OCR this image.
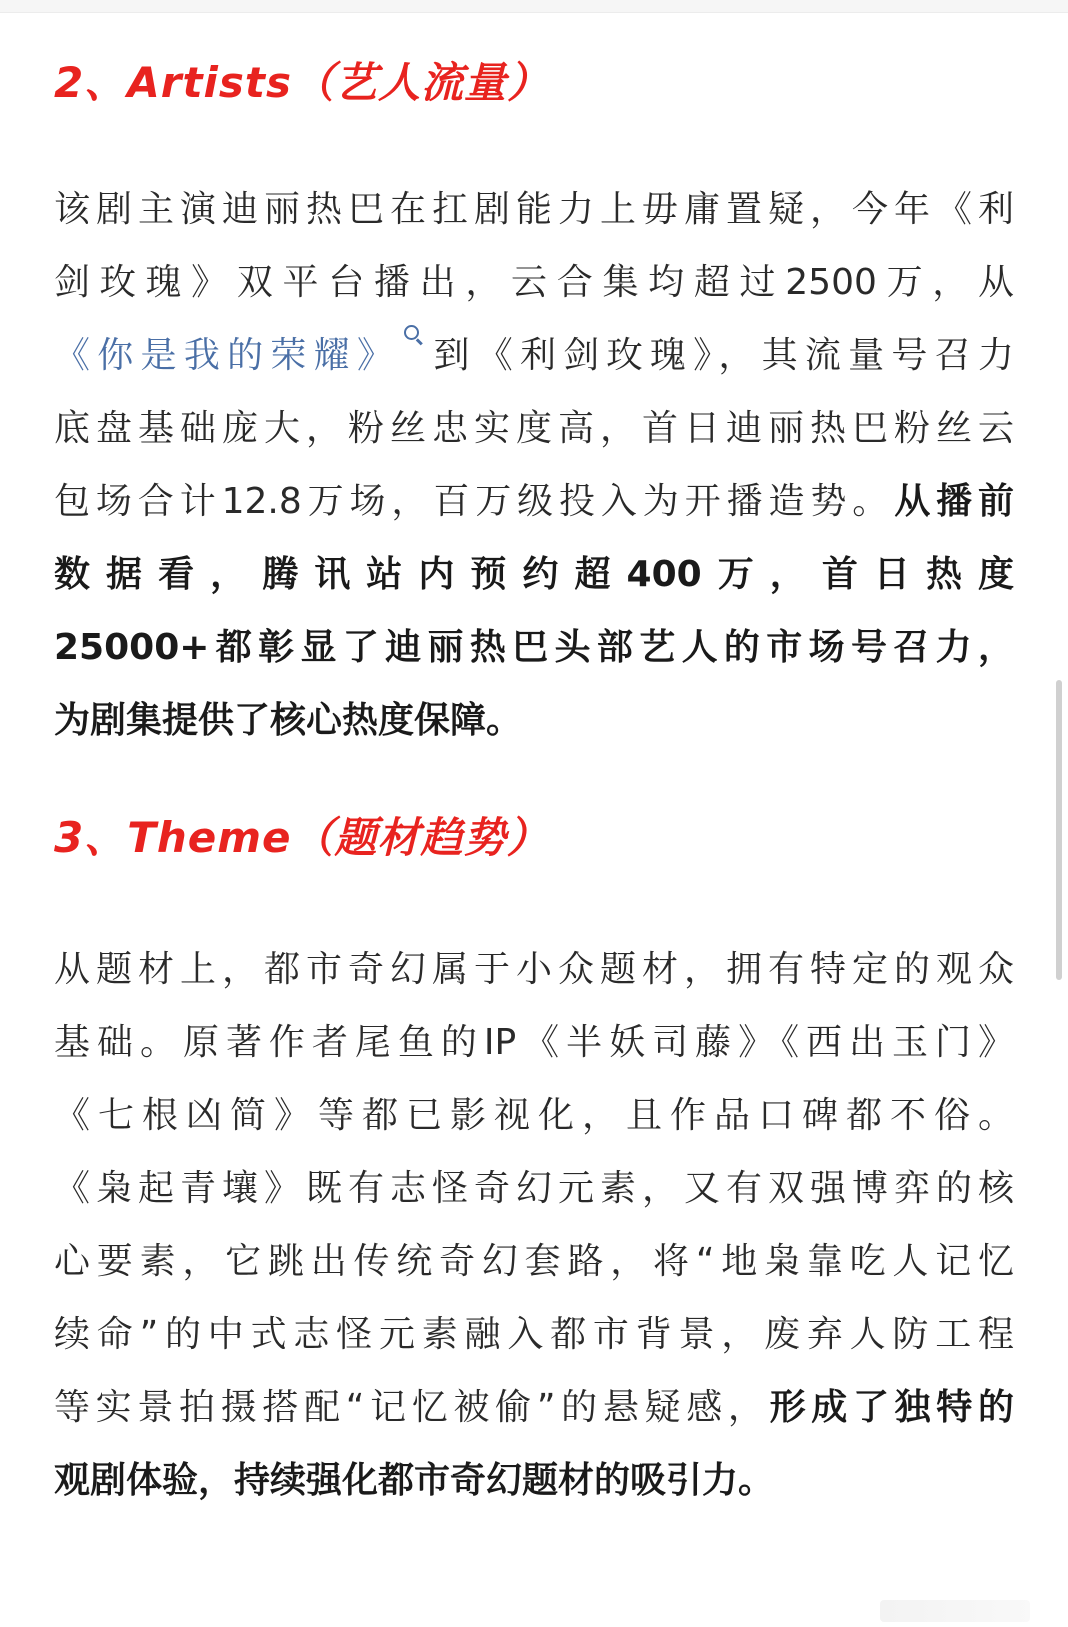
2、Artists（艺人流量）
该剧主演迪丽热巴在扛剧能力上毋庸置疑，今年《利
剑玫瑰》双平台播出，云合集均超过2500万，从
《你是我的荣耀》 到《利剑玫瑰》，其流量号召力
底盘基础庞大，粉丝忠实度高，首日迪丽热巴粉丝云
包场合计12.8万场，百万级投入为开播造势。从播前
数据看，腾讯站内预约超400万，首日热度
25000+都彰显了迪丽热巴头部艺人的市场号召力，
为剧集提供了核心热度保障。
3、Theme（题材趋势）
从题材上，都市奇幻属于小众题材，拥有特定的观众
基础。原著作者尾鱼的IP《半妖司藤》《西出玉门》
《七根凶简》等都已影视化，且作品口碑都不俗。
《枭起青壤》既有志怪奇幻元素，又有双强博弈的核
心要素，它跳出传统奇幻套路，将“地枭靠吃人记忆
续命”的中式志怪元素融入都市背景，废弃人防工程
等实景拍摄搭配“记忆被偷”的悬疑感，形成了独特的
观剧体验，持续强化都市奇幻题材的吸引力。
